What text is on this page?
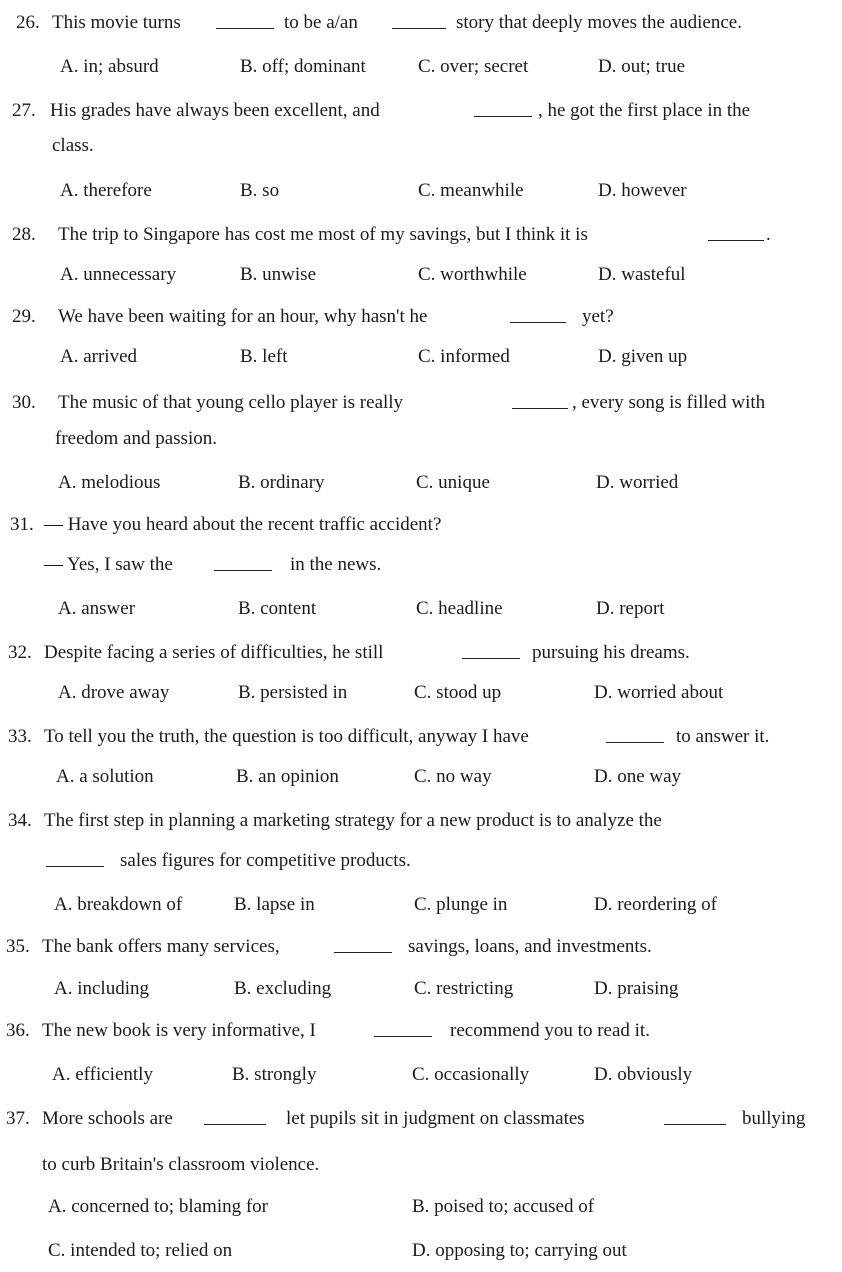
26. This movie turns	to be a/an	story that deeply moves the audience.
A. in; absurd	B. off; dominant	C. over; secret	D. out; true
27. His grades have always been excellent, and	, he got the first place in the
class.
A. therefore	B. so	C. meanwhile	D. however
28. The trip to Singapore has cost me most of my savings, but I think it is	.
A. unnecessary	B. unwise	C. worthwhile	D. wasteful
29. We have been waiting for an hour, why hasn't he	yet?
A. arrived	B. left	C. informed	D. given up
30. The music of that young cello player is really	, every song is filled with
freedom and passion.
A. melodious	B. ordinary	C. unique	D. worried
31. — Have you heard about the recent traffic accident?
— Yes, I saw the	in the news.
A. answer	B. content	C. headline	D. report
32. Despite facing a series of difficulties, he still	pursuing his dreams.
A. drove away	B. persisted in	C. stood up	D. worried about
33. To tell you the truth, the question is too difficult, anyway I have	to answer it.
A. a solution	B. an opinion	C. no way	D. one way
34. The first step in planning a marketing strategy for a new product is to analyze the
sales figures for competitive products.
A. breakdown of	B. lapse in	C. plunge in	D. reordering of
35. The bank offers many services,	savings, loans, and investments.
A. including	B. excluding	C. restricting	D. praising
36. The new book is very informative, I	recommend you to read it.
A. efficiently	B. strongly	C. occasionally	D. obviously
37. More schools are	let pupils sit in judgment on classmates	bullying
to curb Britain's classroom violence.
A. concerned to; blaming for	B. poised to; accused of
C. intended to; relied on	D. opposing to; carrying out
